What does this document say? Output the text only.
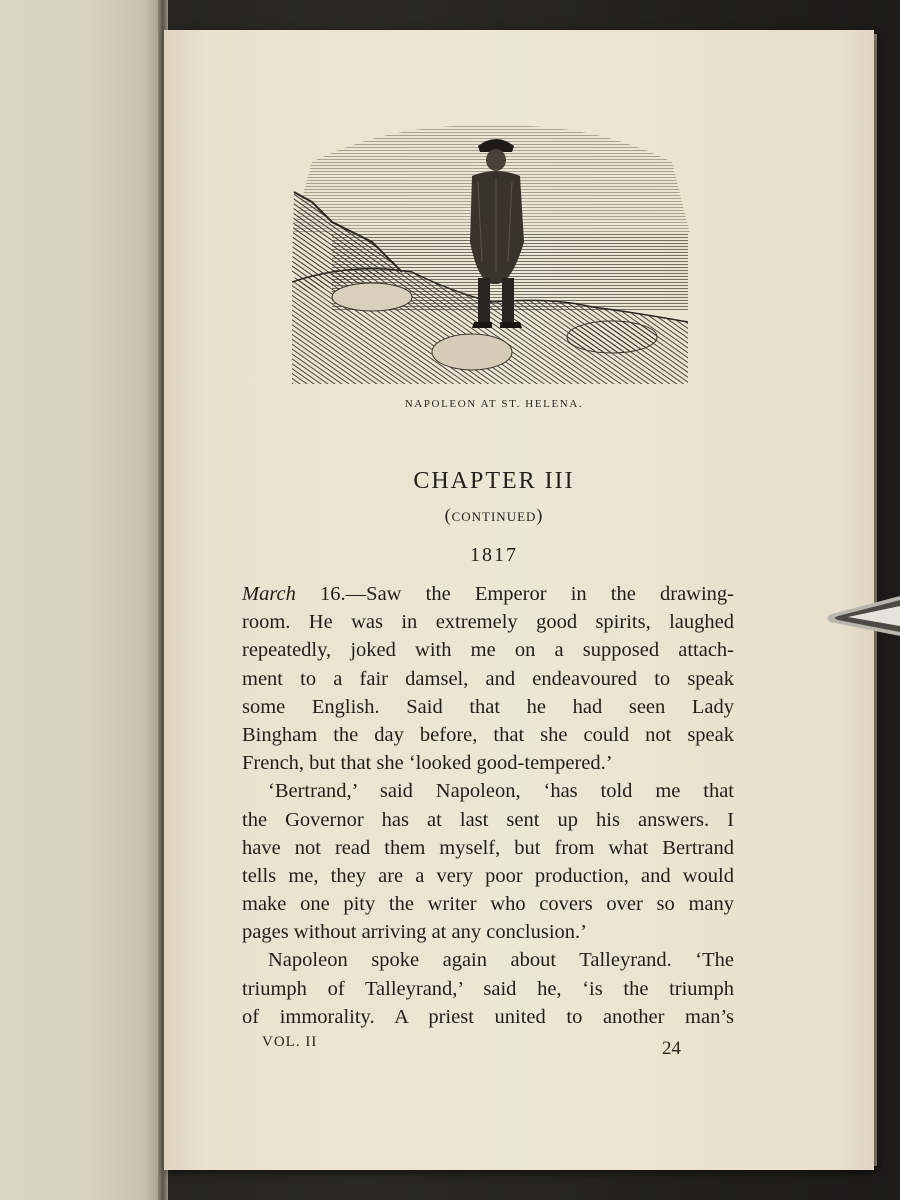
NAPOLEON AT ST. HELENA.
CHAPTER III
(continued)
1817
March 16.—Saw the Emperor in the drawing-
room. He was in extremely good spirits, laughed
repeatedly, joked with me on a supposed attach-
ment to a fair damsel, and endeavoured to speak
some English. Said that he had seen Lady
Bingham the day before, that she could not speak
French, but that she ‘looked good-tempered.’
‘Bertrand,’ said Napoleon, ‘has told me that
the Governor has at last sent up his answers. I
have not read them myself, but from what Bertrand
tells me, they are a very poor production, and would
make one pity the writer who covers over so many
pages without arriving at any conclusion.’
Napoleon spoke again about Talleyrand. ‘The
triumph of Talleyrand,’ said he, ‘is the triumph
of immorality. A priest united to another man’s
VOL. II	24
